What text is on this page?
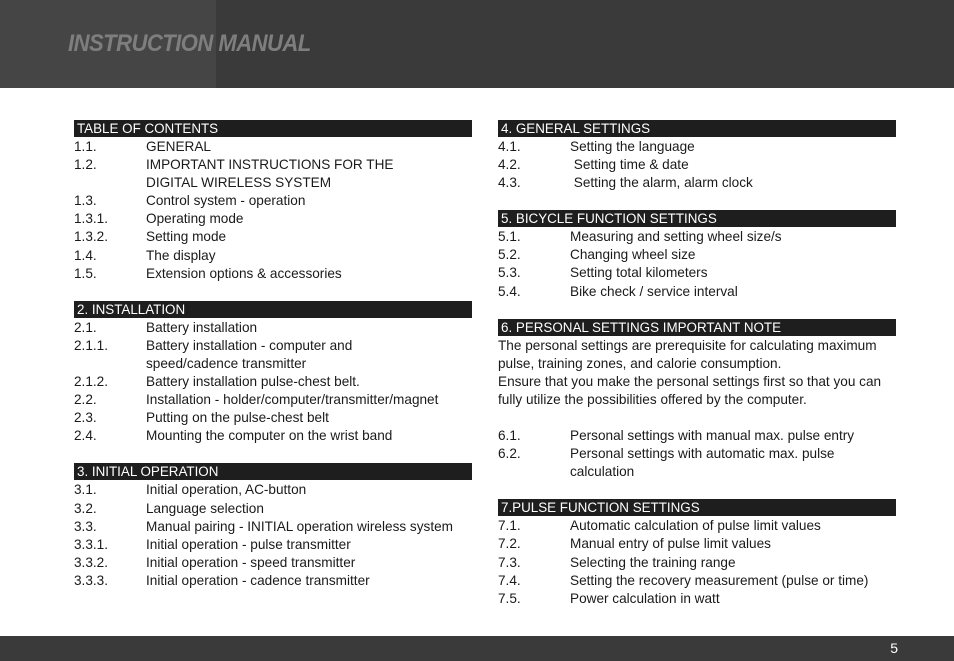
INSTRUCTION MANUAL
TABLE OF CONTENTS
1.1.	GENERAL
1.2.	IMPORTANT INSTRUCTIONS FOR THE DIGITAL WIRELESS SYSTEM
1.3.	Control system - operation
1.3.1.	Operating mode
1.3.2.	Setting mode
1.4.	The display
1.5.	Extension options & accessories
2. INSTALLATION
2.1.	Battery installation
2.1.1.	Battery installation - computer and speed/cadence transmitter
2.1.2.	Battery installation pulse-chest belt.
2.2.	Installation - holder/computer/transmitter/magnet
2.3.	Putting on the pulse-chest belt
2.4.	Mounting the computer on the wrist band
3. INITIAL OPERATION
3.1.	Initial operation, AC-button
3.2.	Language selection
3.3.	Manual pairing - INITIAL operation wireless system
3.3.1.	Initial operation - pulse transmitter
3.3.2.	Initial operation - speed transmitter
3.3.3.	Initial operation - cadence transmitter
4. GENERAL SETTINGS
4.1.	Setting the language
4.2.	Setting time & date
4.3.	Setting the alarm, alarm clock
5. BICYCLE FUNCTION SETTINGS
5.1.	Measuring and setting wheel size/s
5.2.	Changing wheel size
5.3.	Setting total kilometers
5.4.	Bike check / service interval
6. PERSONAL SETTINGS IMPORTANT NOTE

The personal settings are prerequisite for calculating maximum pulse, training zones, and calorie consumption.

Ensure that you make the personal settings first so that you can fully utilize the possibilities offered by the computer.

6.1.	Personal settings with manual max. pulse entry
6.2.	Personal settings with automatic max. pulse calculation
7.PULSE FUNCTION SETTINGS
7.1.	Automatic calculation of pulse limit values
7.2.	Manual entry of pulse limit values
7.3.	Selecting the training range
7.4.	Setting the recovery measurement (pulse or time)
7.5.	Power calculation in watt
5
